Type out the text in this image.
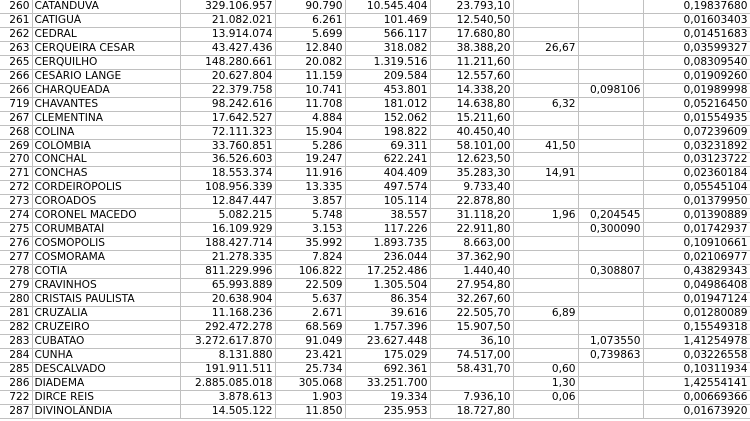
260	CATANDUVA	329.106.957	90.790	10.545.404	23.793,10			0,19837680
261	CATIGUÁ	21.082.021	6.261	101.469	12.540,50			0,01603403
262	CEDRAL	13.914.074	5.699	566.117	17.680,80			0,01451683
263	CERQUEIRA CESAR	43.427.436	12.840	318.082	38.388,20	26,67		0,03599327
265	CERQUILHO	148.280.661	20.082	1.319.516	11.211,60			0,08309540
266	CESÁRIO LANGE	20.627.804	11.159	209.584	12.557,60			0,01909260
266	CHARQUEADA	22.379.758	10.741	453.801	14.338,20		0,098106	0,01989998
719	CHAVANTES	98.242.616	11.708	181.012	14.638,80	6,32		0,05216450
267	CLEMENTINA	17.642.527	4.884	152.062	15.211,60			0,01554935
268	COLINA	72.111.323	15.904	198.822	40.450,40			0,07239609
269	COLÔMBIA	33.760.851	5.286	69.311	58.101,00	41,50		0,03231892
270	CONCHAL	36.526.603	19.247	622.241	12.623,50			0,03123722
271	CONCHAS	18.553.374	11.916	404.409	35.283,30	14,91		0,02360184
272	CORDEIRÓPOLIS	108.956.339	13.335	497.574	9.733,40			0,05545104
273	COROADOS	12.847.447	3.857	105.114	22.878,80			0,01379950
274	CORONEL MACEDO	5.082.215	5.748	38.557	31.118,20	1,96	0,204545	0,01390889
275	CORUMBATAÍ	16.109.929	3.153	117.226	22.911,80		0,300090	0,01742937
276	COSMÓPOLIS	188.427.714	35.992	1.893.735	8.663,00			0,10910661
277	COSMORAMA	21.278.335	7.824	236.044	37.362,90			0,02106977
278	COTIA	811.229.996	106.822	17.252.486	1.440,40		0,308807	0,43829343
279	CRAVINHOS	65.993.889	22.509	1.305.504	27.954,80			0,04986408
280	CRISTAIS PAULISTA	20.638.904	5.637	86.354	32.267,60			0,01947124
281	CRUZÁLIA	11.168.236	2.671	39.616	22.505,70	6,89		0,01280089
282	CRUZEIRO	292.472.278	68.569	1.757.396	15.907,50			0,15549318
283	CUBATÃO	3.272.617.870	91.049	23.627.448	36,10		1,073550	1,41254978
284	CUNHA	8.131.880	23.421	175.029	74.517,00		0,739863	0,03226558
285	DESCALVADO	191.911.511	25.734	692.361	58.431,70	0,60		0,10311934
286	DIADEMA	2.885.085.018	305.068	33.251.700		1,30		1,42554141
722	DIRCE REIS	3.878.613	1.903	19.334	7.936,10	0,06		0,00669366
287	DIVINOLÂNDIA	14.505.122	11.850	235.953	18.727,80			0,01673920
